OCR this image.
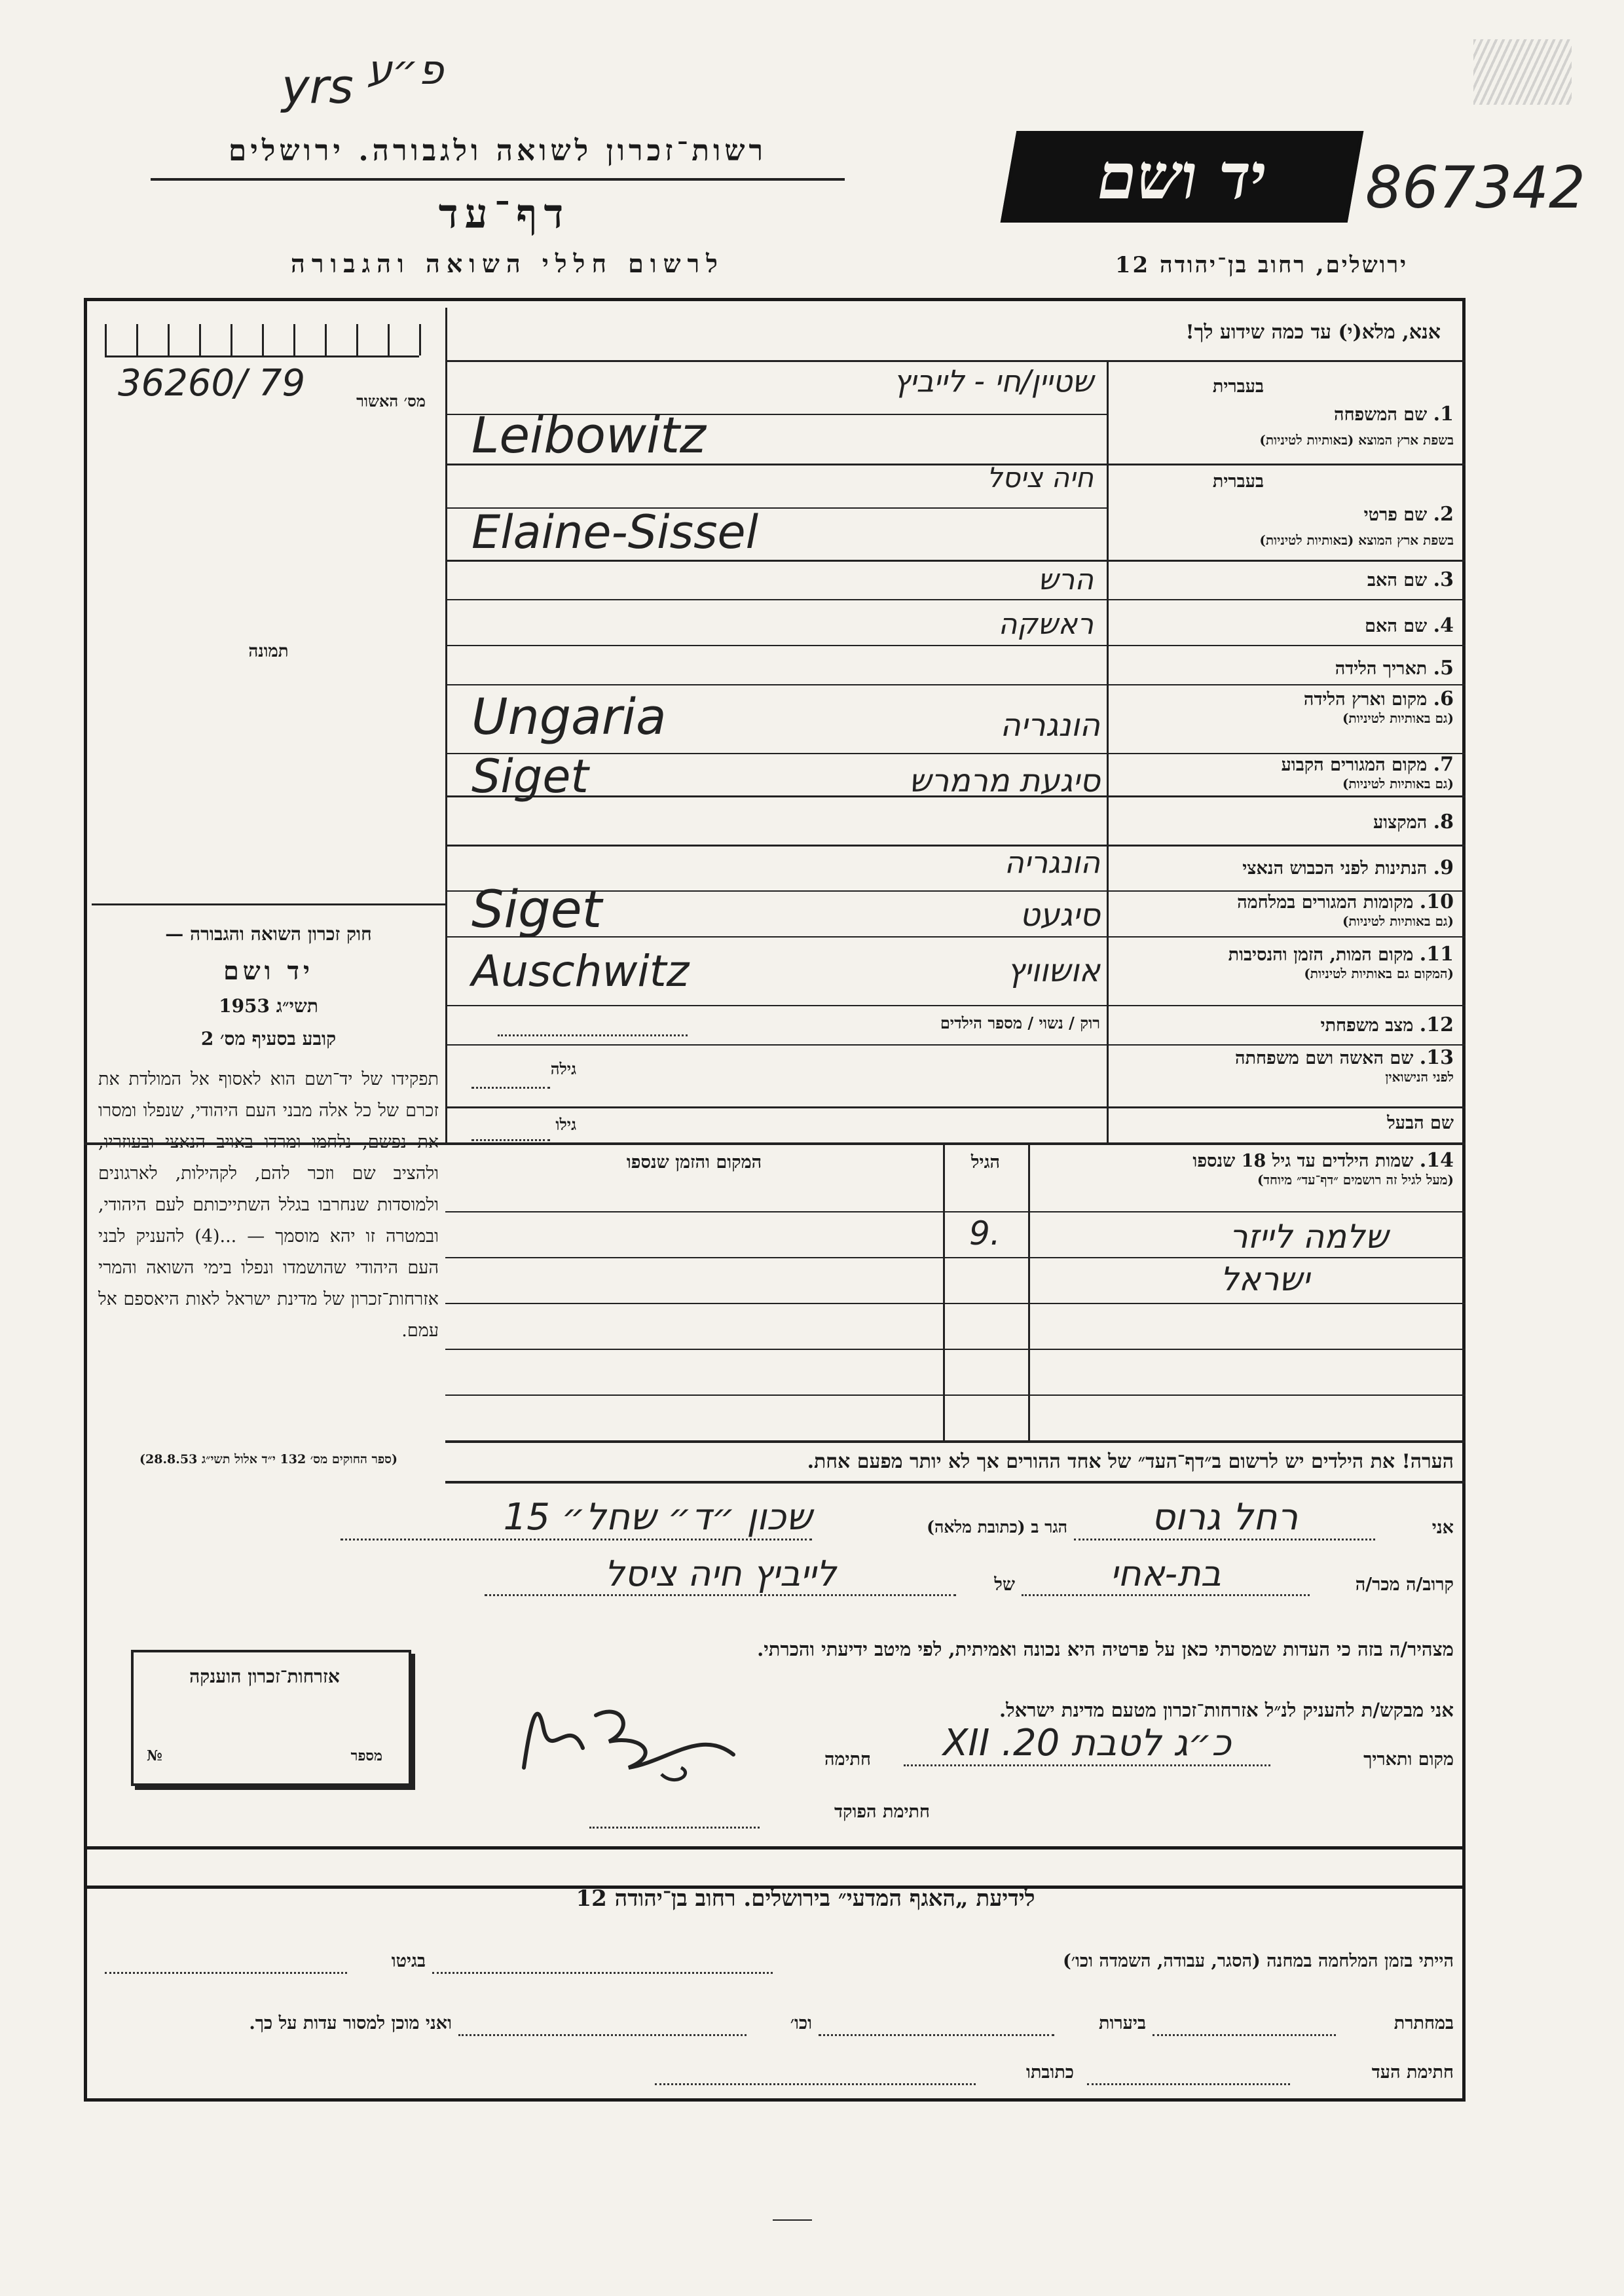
yrs פ״ע
867342
רשות־זכרון לשואה ולגבורה. ירושלים
דף־עד
לרשום חללי השואה והגבורה
יד ושם
ירושלים, רחוב בן־יהודה 12
אנא, מלא(י) עד כמה שידוע לך!
מס׳ האשור
36260/ 79
תמונה
חוק זכרון השואה והגבורה —
יד ושם
תשי״ג 1953
קובע בסעיף מס׳ 2
תפקידו של יד־ושם הוא לאסוף אל המולדת את זכרם של כל אלה מבני העם היהודי, שנפלו ומסרו את נפשם, נלחמו ומרדו באויב הנאצי ובעוזריו, ולהציב שם וזכר להם, לקהילות, לארגונים ולמוסדות שנחרבו בגלל השתייכותם לעם היהודי, ובמטרה זו יהא מוסמך — ...(4) להעניק לבני העם היהודי שהושמדו ונפלו בימי השואה והמרי אזרחות־זכרון של מדינת ישראל לאות היאספם אל עמם.
(ספר החוקים מס׳ 132 י״ד אלול תשי״ג 28.8.53)
אזרחות־זכרון הוענקה
מספר
№
בעברית
1. שם המשפחה
בשפת ארץ המוצא (באותיות לטיניות)
בעברית
2. שם פרטי
בשפת ארץ המוצא (באותיות לטיניות)
3. שם האב
4. שם האם
5. תאריך הלידה
6. מקום וארץ הלידה
(גם באותיות לטיניות)
7. מקום המגורים הקבוע
(גם באותיות לטיניות)
8. המקצוע
9. הנתינות לפני הכבוש הנאצי
10. מקומות המגורים במלחמה
(גם באותיות לטיניות)
11. מקום המות, הזמן והנסיבות
(המקום גם באותיות לטיניות)
12. מצב משפחתי
13. שם האשה ושם משפחתה
לפני הנישואין
שם הבעל
שטיין/חי - לייביץ
Leibowitz
חיה ציסל
Elaine-Sissel
הרש
ראשקה
הונגריה
Ungaria
סיגעת מרמרש
Siget
הונגריה
סיגעט
Siget
אושוויץ
Auschwitz
רוק / נשוי / מספר הילדים
גילה
גילו
14. שמות הילדים עד גיל 18 שנספו
(מעל לגיל זה רושמים ״דף־עד״ מיוחד)
הגיל
המקום והזמן שנספו
שלמה לייזר
9.
ישראל
הערה! את הילדים יש לרשום ב״דף־העד״ של אחד ההורים אך לא יותר מפעם אחת.
אני
רחל גרוס
הגר ב (כתובת מלאה)
שכון ״ד״ שחל״ 15
קרוב/ה מכר/ה
בת-אחי
של
לייביץ חיה ציסל
מצהיר/ה בזה כי העדות שמסרתי כאן על פרטיה היא נכונה ואמיתית, לפי מיטב ידיעתי והכרתי.
אני מבקש/ת להעניק לנ״ל אזרחות־זכרון מטעם מדינת ישראל.
מקום ותאריך
כ״ג לטבת 20. XII
חתימה
חתימת הפוקד
לידיעת „האגף המדעי״ בירושלים. רחוב בן־יהודה 12
הייתי בזמן המלחמה במחנה (הסגר, עבודה, השמדה וכו׳)
בגיטו
במחתרת
ביערות
וכו׳
ואני מוכן למסור עדות על כך.
חתימת העד
כתובתו
